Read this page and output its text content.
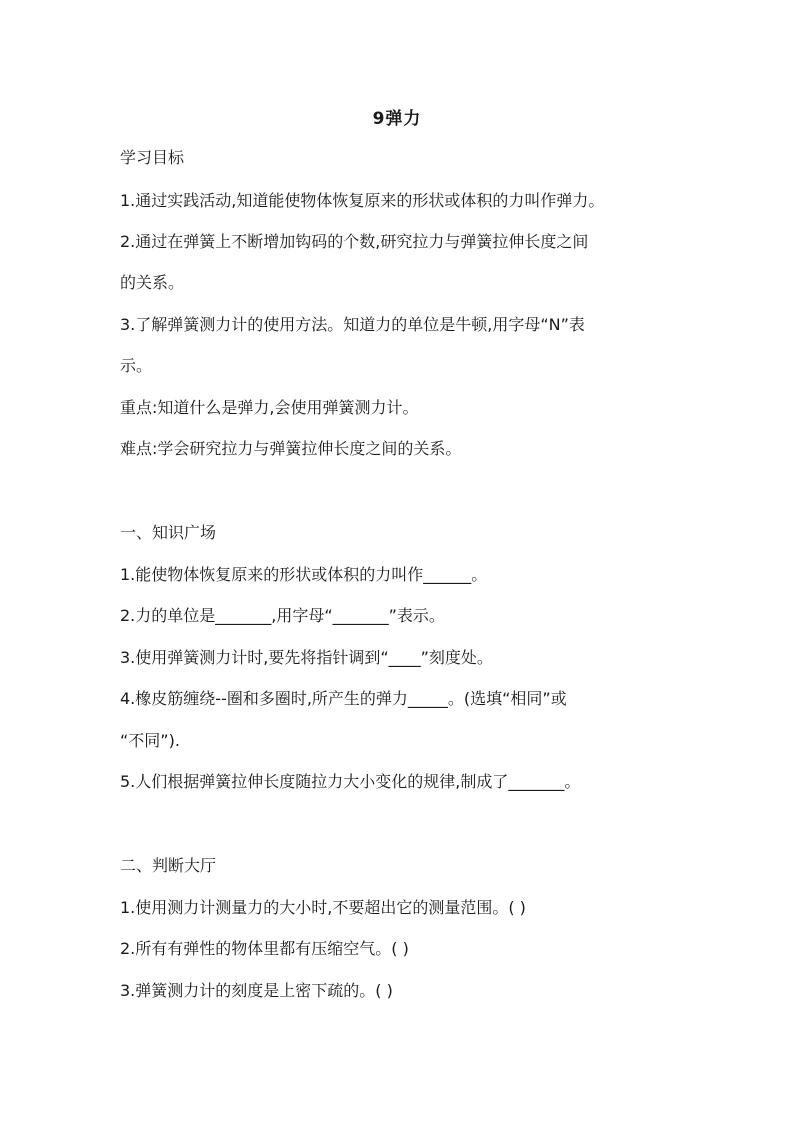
9弹力
学习目标
1.通过实践活动,知道能使物体恢复原来的形状或体积的力叫作弹力。
2.通过在弹簧上不断增加钩码的个数,研究拉力与弹簧拉伸长度之间
的关系。
3.了解弹簧测力计的使用方法。知道力的单位是牛顿,用字母“N”表
示。
重点:知道什么是弹力,会使用弹簧测力计。
难点:学会研究拉力与弹簧拉伸长度之间的关系。
一、知识广场
1.能使物体恢复原来的形状或体积的力叫作______。
2.力的单位是_______,用字母“_______”表示。
3.使用弹簧测力计时,要先将指针调到“____”刻度处。
4.橡皮筋缠绕--圈和多圈时,所产生的弹力_____。(选填“相同”或
“不同”).
5.人们根据弹簧拉伸长度随拉力大小变化的规律,制成了_______。
二、判断大厅
1.使用测力计测量力的大小时,不要超出它的测量范围。( )
2.所有有弹性的物体里都有压缩空气。( )
3.弹簧测力计的刻度是上密下疏的。( )
